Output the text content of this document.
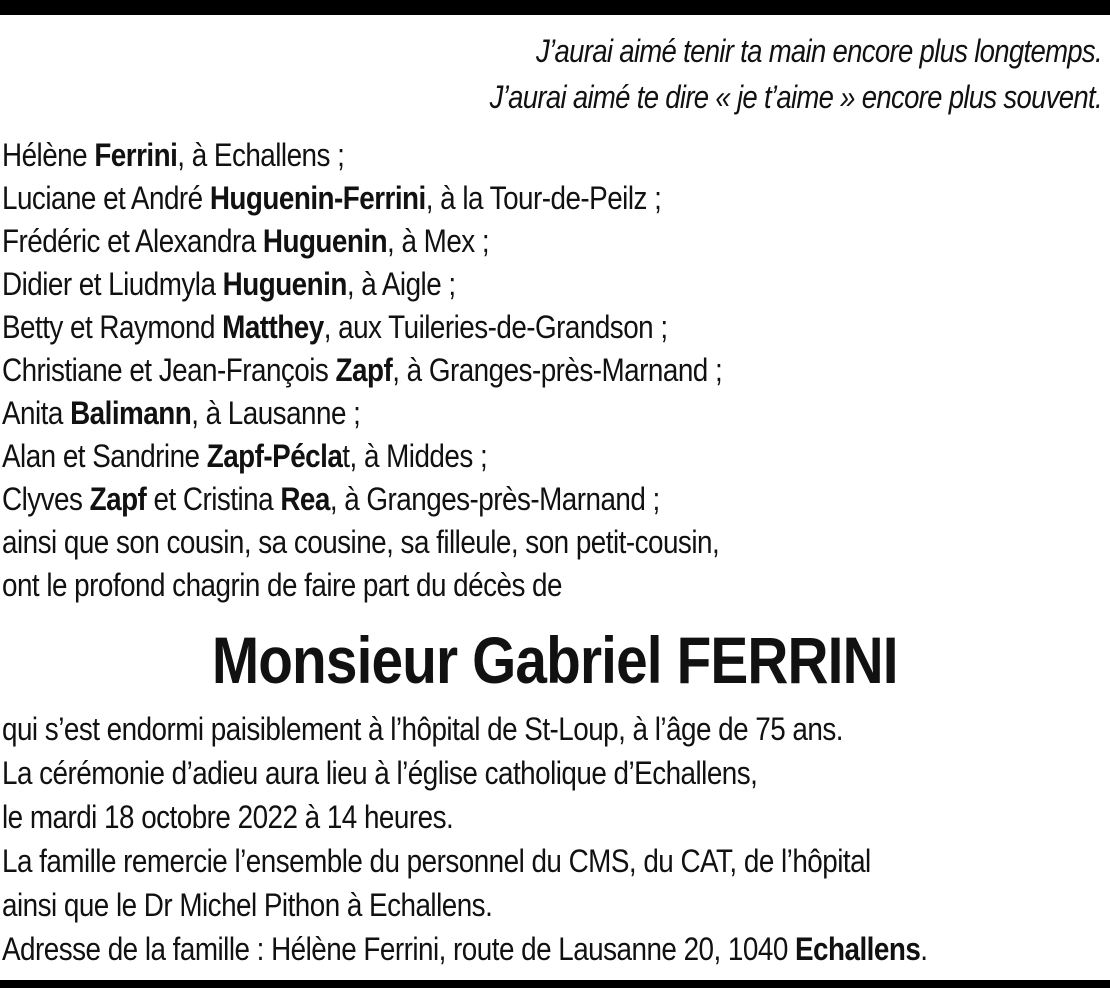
J’aurai aimé tenir ta main encore plus longtemps.
J’aurai aimé te dire « je t’aime » encore plus souvent.
Hélène Ferrini, à Echallens ;
Luciane et André Huguenin-Ferrini, à la Tour-de-Peilz ;
Frédéric et Alexandra Huguenin, à Mex ;
Didier et Liudmyla Huguenin, à Aigle ;
Betty et Raymond Matthey, aux Tuileries-de-Grandson ;
Christiane et Jean-François Zapf, à Granges-près-Marnand ;
Anita Balimann, à Lausanne ;
Alan et Sandrine Zapf-Péclаt, à Middes ;
Clyves Zapf et Cristina Rea, à Granges-près-Marnand ;
ainsi que son cousin, sa cousine, sa filleule, son petit-cousin,
ont le profond chagrin de faire part du décès de
Monsieur Gabriel FERRINI
qui s’est endormi paisiblement à l’hôpital de St-Loup, à l’âge de 75 ans.
La cérémonie d’adieu aura lieu à l’église catholique d’Echallens,
le mardi 18 octobre 2022 à 14 heures.
La famille remercie l’ensemble du personnel du CMS, du CAT, de l’hôpital
ainsi que le Dr Michel Pithon à Echallens.
Adresse de la famille : Hélène Ferrini, route de Lausanne 20, 1040 Echallens.
